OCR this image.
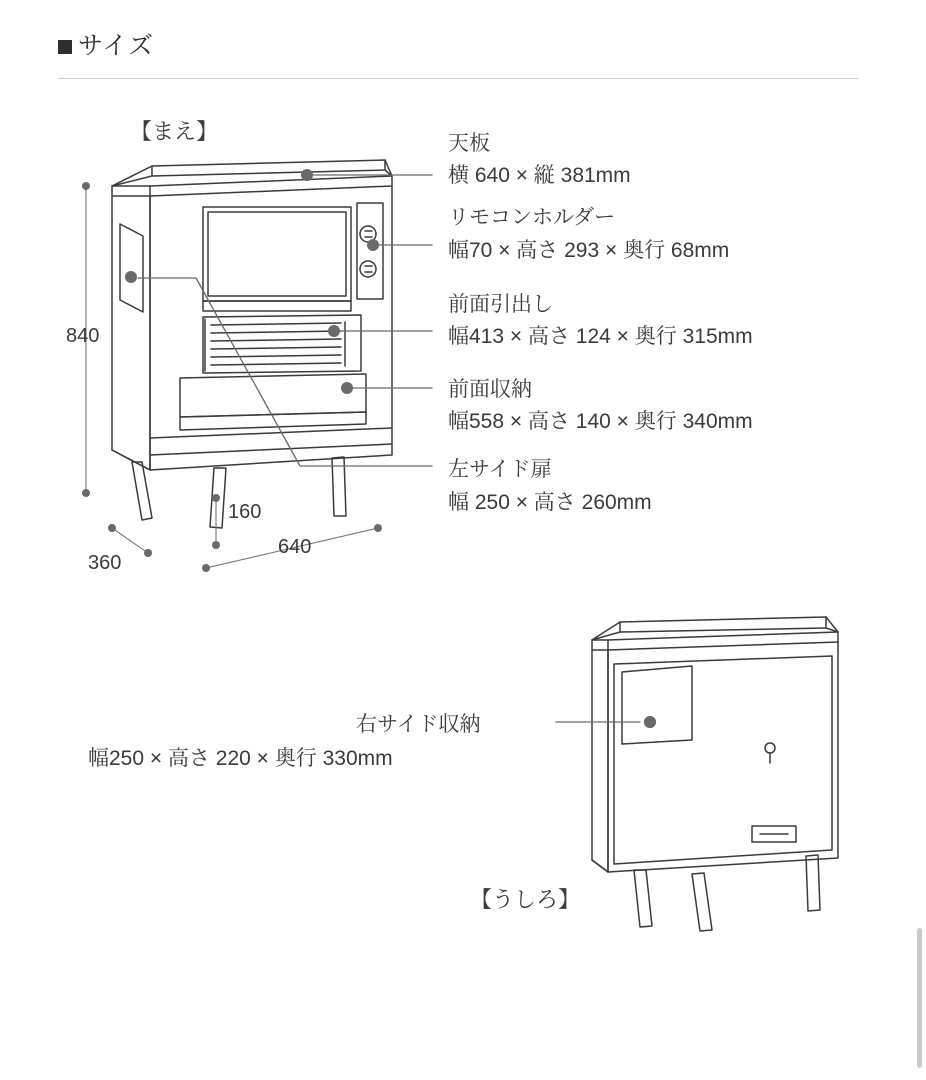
サイズ
【まえ】
840
160
640
360
天板
横 640 × 縦 381mm
リモコンホルダー
幅70 × 高さ 293 × 奥行 68mm
前面引出し
幅413 × 高さ 124 × 奥行 315mm
前面収納
幅558 × 高さ 140 × 奥行 340mm
左サイド扉
幅 250 × 高さ 260mm
右サイド収納
幅250 × 高さ 220 × 奥行 330mm
【うしろ】
